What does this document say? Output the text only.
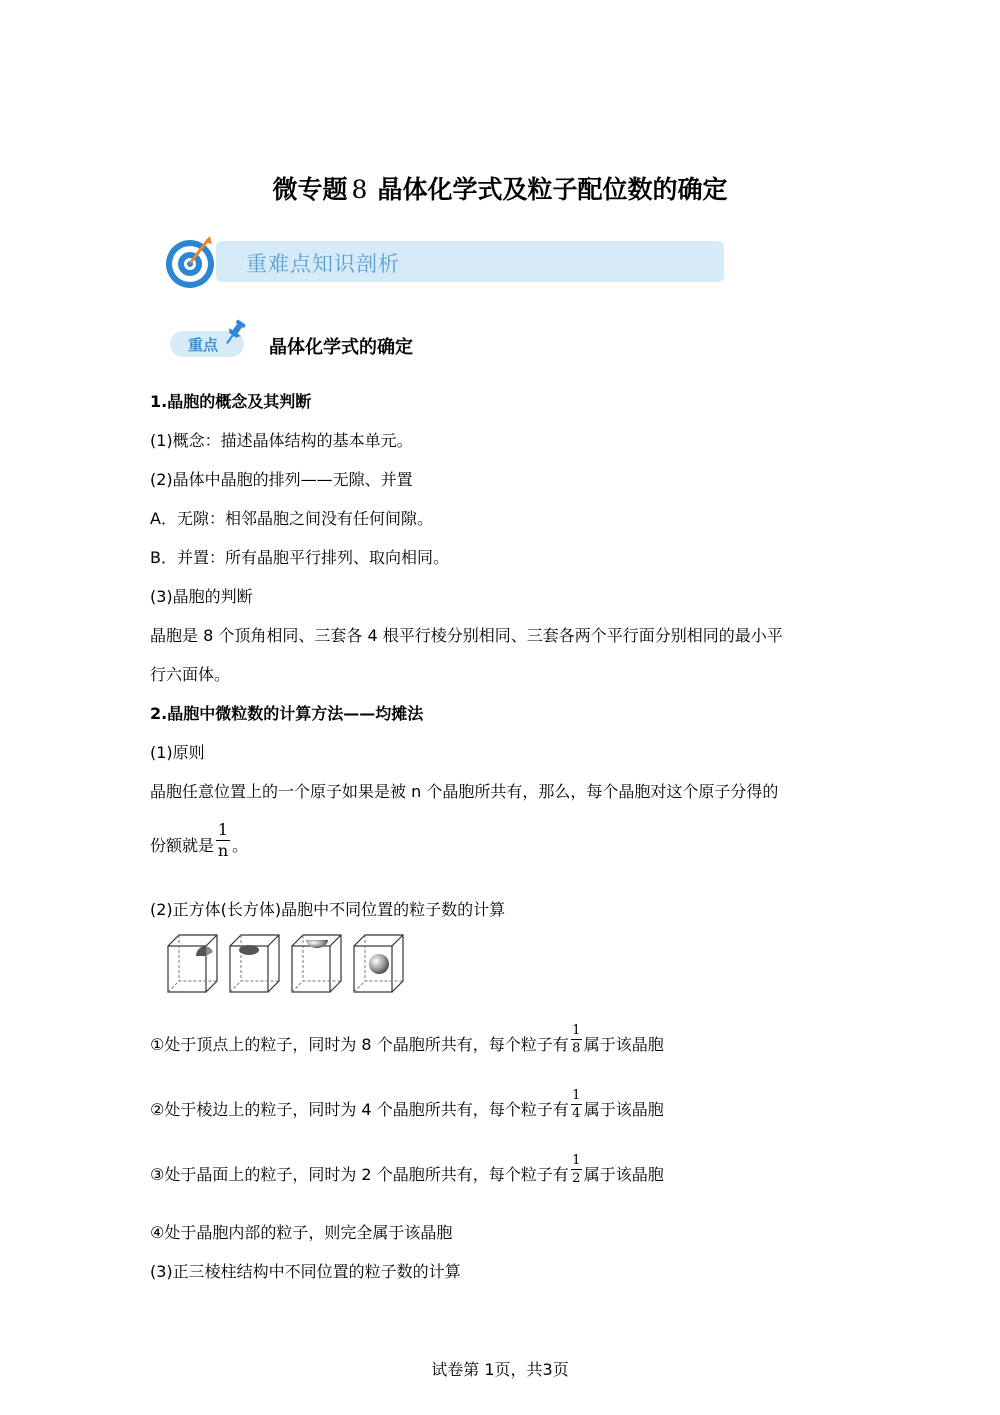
微专题 8 晶体化学式及粒子配位数的确定
重难点知识剖析
重点	晶体化学式的确定
1.晶胞的概念及其判断
(1)概念：描述晶体结构的基本单元。
(2)晶体中晶胞的排列——无隙、并置
A．无隙：相邻晶胞之间没有任何间隙。
B．并置：所有晶胞平行排列、取向相同。
(3)晶胞的判断
晶胞是 8 个顶角相同、三套各 4 根平行棱分别相同、三套各两个平行面分别相同的最小平
行六面体。
2.晶胞中微粒数的计算方法——均摊法
(1)原则
晶胞任意位置上的一个原子如果是被 n 个晶胞所共有，那么，每个晶胞对这个原子分得的
份额就是 $\frac{1}{n}$ 。
(2)正方体(长方体)晶胞中不同位置的粒子数的计算
①处于顶点上的粒子，同时为 8 个晶胞所共有，每个粒子有 $\frac{1}{8}$ 属于该晶胞
②处于棱边上的粒子，同时为 4 个晶胞所共有，每个粒子有 $\frac{1}{4}$ 属于该晶胞
③处于晶面上的粒子，同时为 2 个晶胞所共有，每个粒子有 $\frac{1}{2}$ 属于该晶胞
④处于晶胞内部的粒子，则完全属于该晶胞
(3)正三棱柱结构中不同位置的粒子数的计算
试卷第 1页，共3页
